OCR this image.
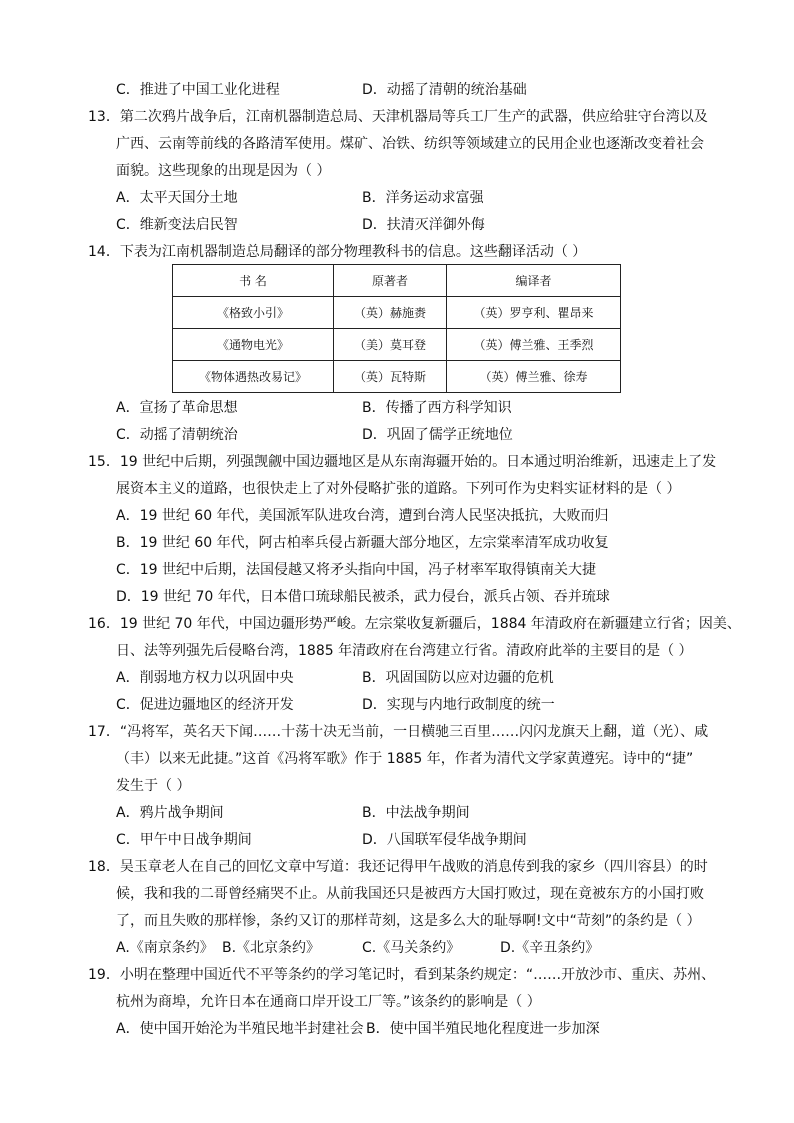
C．推进了中国工业化进程	D．动摇了清朝的统治基础
13．第二次鸦片战争后，江南机器制造总局、天津机器局等兵工厂生产的武器，供应给驻守台湾以及
广西、云南等前线的各路清军使用。煤矿、冶铁、纺织等领域建立的民用企业也逐渐改变着社会
面貌。这些现象的出现是因为（ ）
A．太平天国分土地	B．洋务运动求富强
C．维新变法启民智	D．扶清灭洋御外侮
14．下表为江南机器制造总局翻译的部分物理教科书的信息。这些翻译活动（ ）
书 名	原著者	编译者
《格致小引》	（英）赫施赉	（英）罗亨利、瞿昂来
《通物电光》	（美）莫耳登	（英）傅兰雅、王季烈
《物体遇热改易记》	（英）瓦特斯	（英）傅兰雅、徐寿
A．宣扬了革命思想	B．传播了西方科学知识
C．动摇了清朝统治	D．巩固了儒学正统地位
15．19 世纪中后期，列强觊觎中国边疆地区是从东南海疆开始的。日本通过明治维新，迅速走上了发
展资本主义的道路，也很快走上了对外侵略扩张的道路。下列可作为史料实证材料的是（ ）
A．19 世纪 60 年代，美国派军队进攻台湾，遭到台湾人民坚决抵抗，大败而归
B．19 世纪 60 年代，阿古柏率兵侵占新疆大部分地区，左宗棠率清军成功收复
C．19 世纪中后期，法国侵越又将矛头指向中国，冯子材率军取得镇南关大捷
D．19 世纪 70 年代，日本借口琉球船民被杀，武力侵台，派兵占领、吞并琉球
16．19 世纪 70 年代，中国边疆形势严峻。左宗棠收复新疆后，1884 年清政府在新疆建立行省；因美、
日、法等列强先后侵略台湾，1885 年清政府在台湾建立行省。清政府此举的主要目的是（ ）
A．削弱地方权力以巩固中央	B．巩固国防以应对边疆的危机
C．促进边疆地区的经济开发	D．实现与内地行政制度的统一
17．“冯将军，英名天下闻……十荡十决无当前，一日横驰三百里……闪闪龙旗天上翻，道（光）、咸
（丰）以来无此捷。”这首《冯将军歌》作于 1885 年，作者为清代文学家黄遵宪。诗中的“捷”
发生于（ ）
A．鸦片战争期间	B．中法战争期间
C．甲午中日战争期间	D．八国联军侵华战争期间
18．吴玉章老人在自己的回忆文章中写道：我还记得甲午战败的消息传到我的家乡（四川容县）的时
候，我和我的二哥曾经痛哭不止。从前我国还只是被西方大国打败过，现在竟被东方的小国打败
了，而且失败的那样惨，条约又订的那样苛刻，这是多么大的耻辱啊!文中“苛刻”的条约是（ ）
A.《南京条约》 B.《北京条约》	C.《马关条约》	D.《辛丑条约》
19．小明在整理中国近代不平等条约的学习笔记时，看到某条约规定：“……开放沙市、重庆、苏州、
杭州为商埠，允许日本在通商口岸开设工厂等。”该条约的影响是（ ）
A．使中国开始沦为半殖民地半封建社会 B．使中国半殖民地化程度进一步加深
